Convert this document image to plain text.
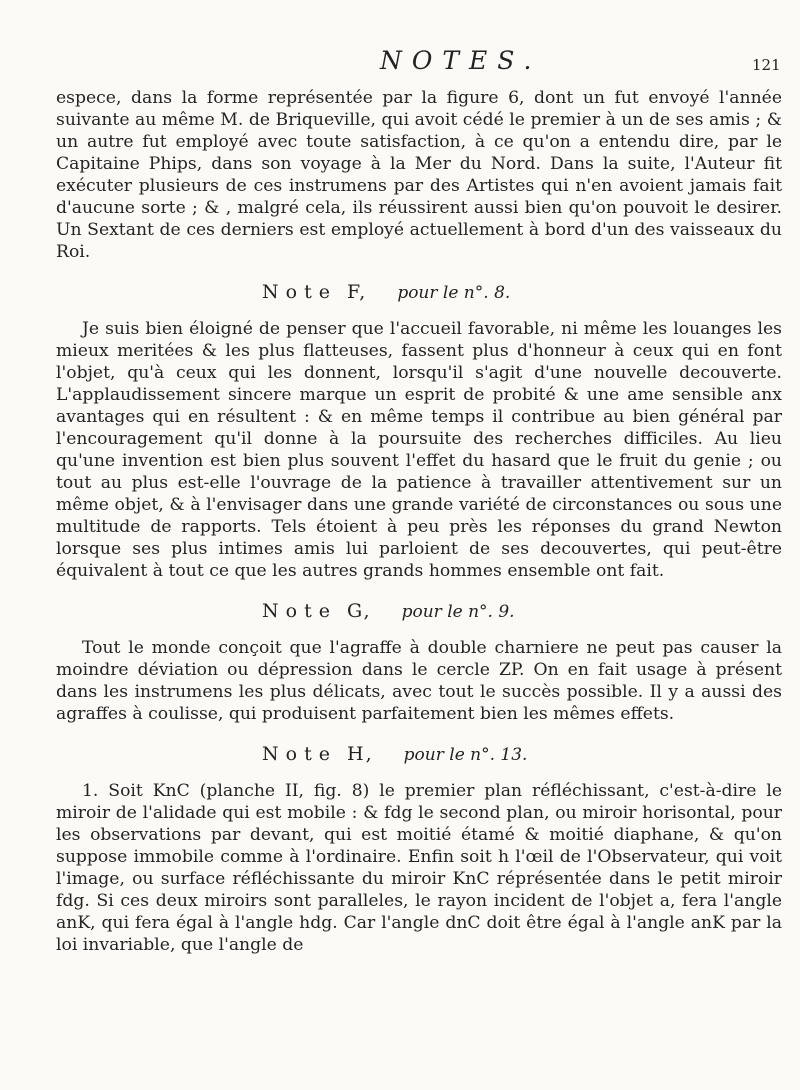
NOTES.	121

espece, dans la forme représentée par la figure 6, dont un fut envoyé l'année suivante au même M. de Briqueville, qui avoit cédé le premier à un de ses amis ; & un autre fut employé avec toute satisfaction, à ce qu'on a entendu dire, par le Capitaine Phips, dans son voyage à la Mer du Nord. Dans la suite, l'Auteur fit exécuter plusieurs de ces instrumens par des Artistes qui n'en avoient jamais fait d'aucune sorte ; & , malgré cela, ils réussirent aussi bien qu'on pouvoit le desirer. Un Sextant de ces derniers est employé actuellement à bord d'un des vaisseaux du Roi.

Note F, pour le n°. 8.

Je suis bien éloigné de penser que l'accueil favorable, ni même les louanges les mieux meritées & les plus flatteuses, fassent plus d'honneur à ceux qui en font l'objet, qu'à ceux qui les donnent, lorsqu'il s'agit d'une nouvelle decouverte. L'applaudissement sincere marque un esprit de probité & une ame sensible anx avantages qui en résultent : & en même temps il contribue au bien général par l'encouragement qu'il donne à la poursuite des recherches difficiles. Au lieu qu'une invention est bien plus souvent l'effet du hasard que le fruit du genie ; ou tout au plus est-elle l'ouvrage de la patience à travailler attentivement sur un même objet, & à l'envisager dans une grande variété de circonstances ou sous une multitude de rapports. Tels étoient à peu près les réponses du grand Newton lorsque ses plus intimes amis lui parloient de ses decouvertes, qui peut-être équivalent à tout ce que les autres grands hommes ensemble ont fait.

Note G, pour le n°. 9.

Tout le monde conçoit que l'agraffe à double charniere ne peut pas causer la moindre déviation ou dépression dans le cercle ZP. On en fait usage à présent dans les instrumens les plus délicats, avec tout le succès possible. Il y a aussi des agraffes à coulisse, qui produisent parfaitement bien les mêmes effets.

Note H, pour le n°. 13.

1. Soit KnC (planche II, fig. 8) le premier plan réfléchissant, c'est-à-dire le miroir de l'alidade qui est mobile : & fdg le second plan, ou miroir horisontal, pour les observations par devant, qui est moitié étamé & moitié diaphane, & qu'on suppose immobile comme à l'ordinaire. Enfin soit h l'œil de l'Observateur, qui voit l'image, ou surface réfléchissante du miroir KnC réprésentée dans le petit miroir fdg. Si ces deux miroirs sont paralleles, le rayon incident de l'objet a, fera l'angle anK, qui fera égal à l'angle hdg. Car l'angle dnC doit être égal à l'angle anK par la loi invariable, que l'angle de
